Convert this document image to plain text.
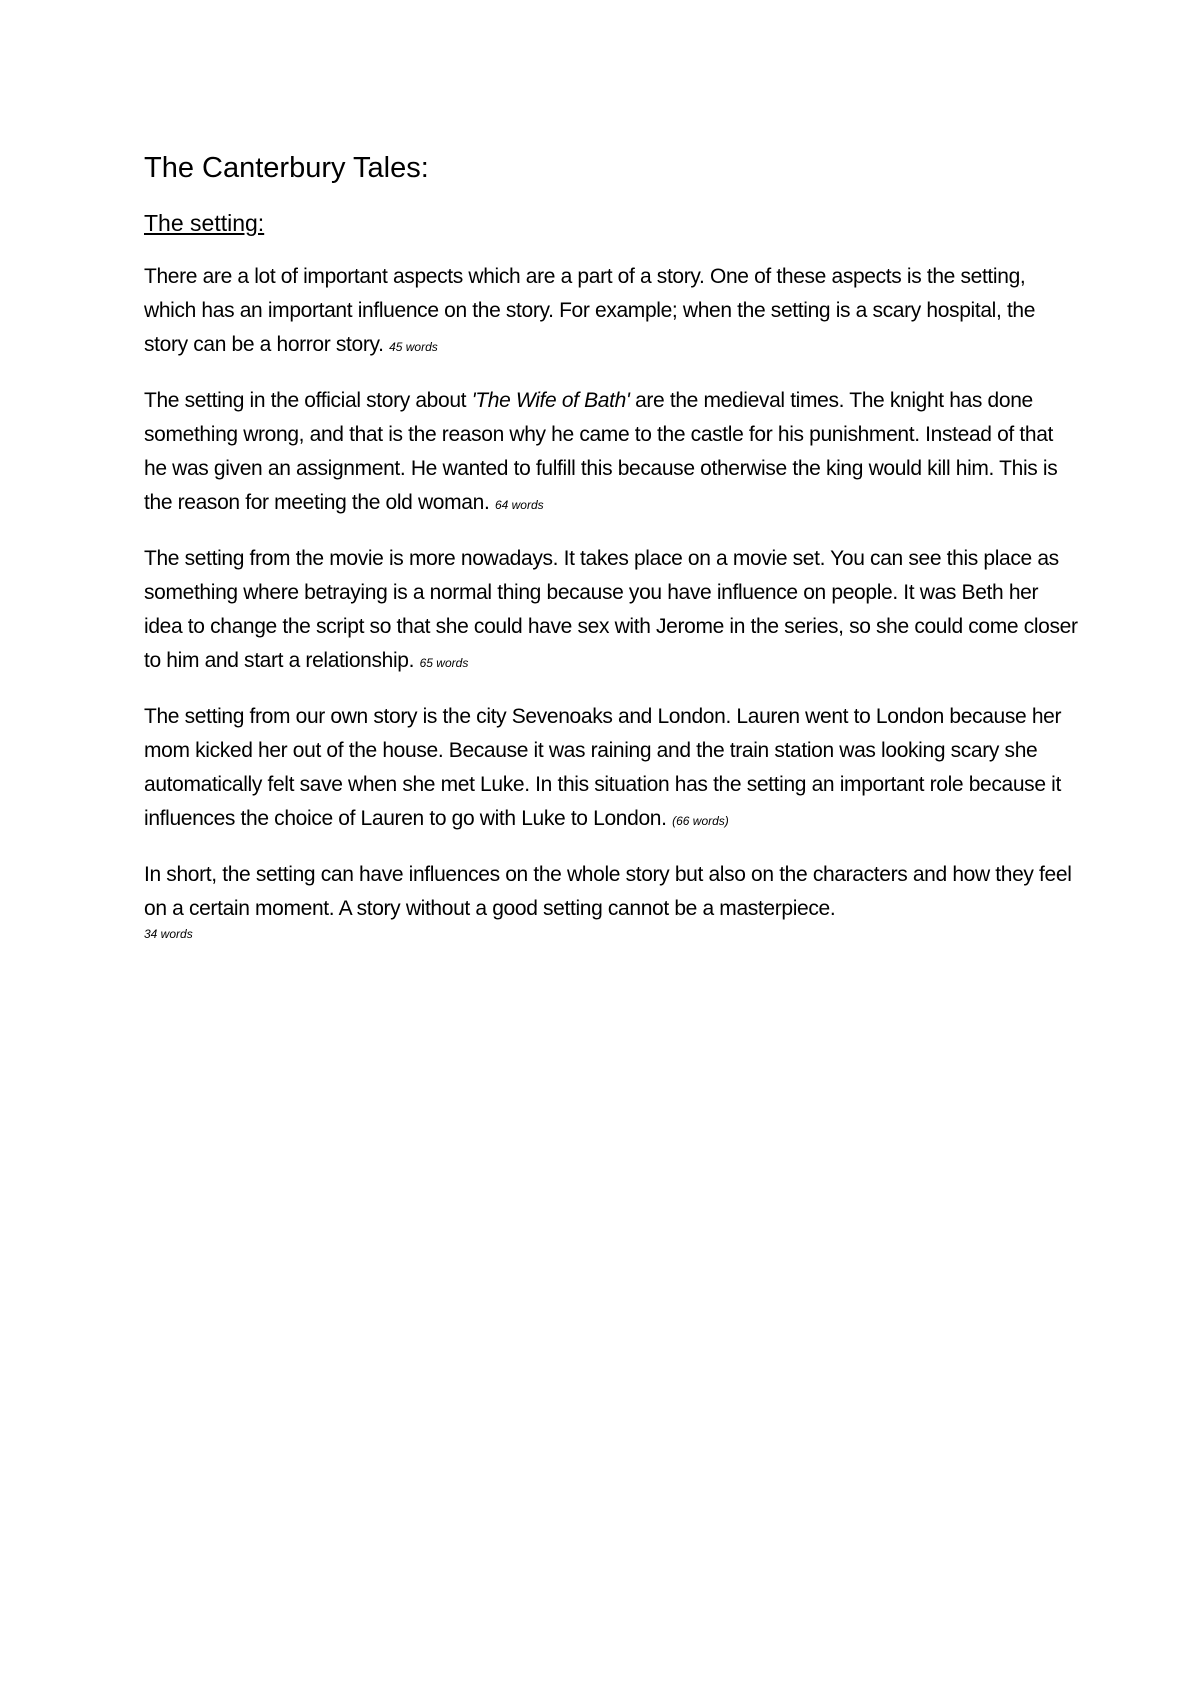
The Canterbury Tales:
The setting:

There are a lot of important aspects which are a part of a story. One of these aspects is the setting, which has an important influence on the story. For example; when the setting is a scary hospital, the story can be a horror story. 45 words

The setting in the official story about 'The Wife of Bath' are the medieval times. The knight has done something wrong, and that is the reason why he came to the castle for his punishment. Instead of that he was given an assignment. He wanted to fulfill this because otherwise the king would kill him. This is the reason for meeting the old woman. 64 words

The setting from the movie is more nowadays. It takes place on a movie set. You can see this place as something where betraying is a normal thing because you have influence on people. It was Beth her idea to change the script so that she could have sex with Jerome in the series, so she could come closer to him and start a relationship. 65 words

The setting from our own story is the city Sevenoaks and London. Lauren went to London because her mom kicked her out of the house. Because it was raining and the train station was looking scary she automatically felt save when she met Luke. In this situation has the setting an important role because it influences the choice of Lauren to go with Luke to London. (66 words)

In short, the setting can have influences on the whole story but also on the characters and how they feel on a certain moment. A story without a good setting cannot be a masterpiece.
34 words
